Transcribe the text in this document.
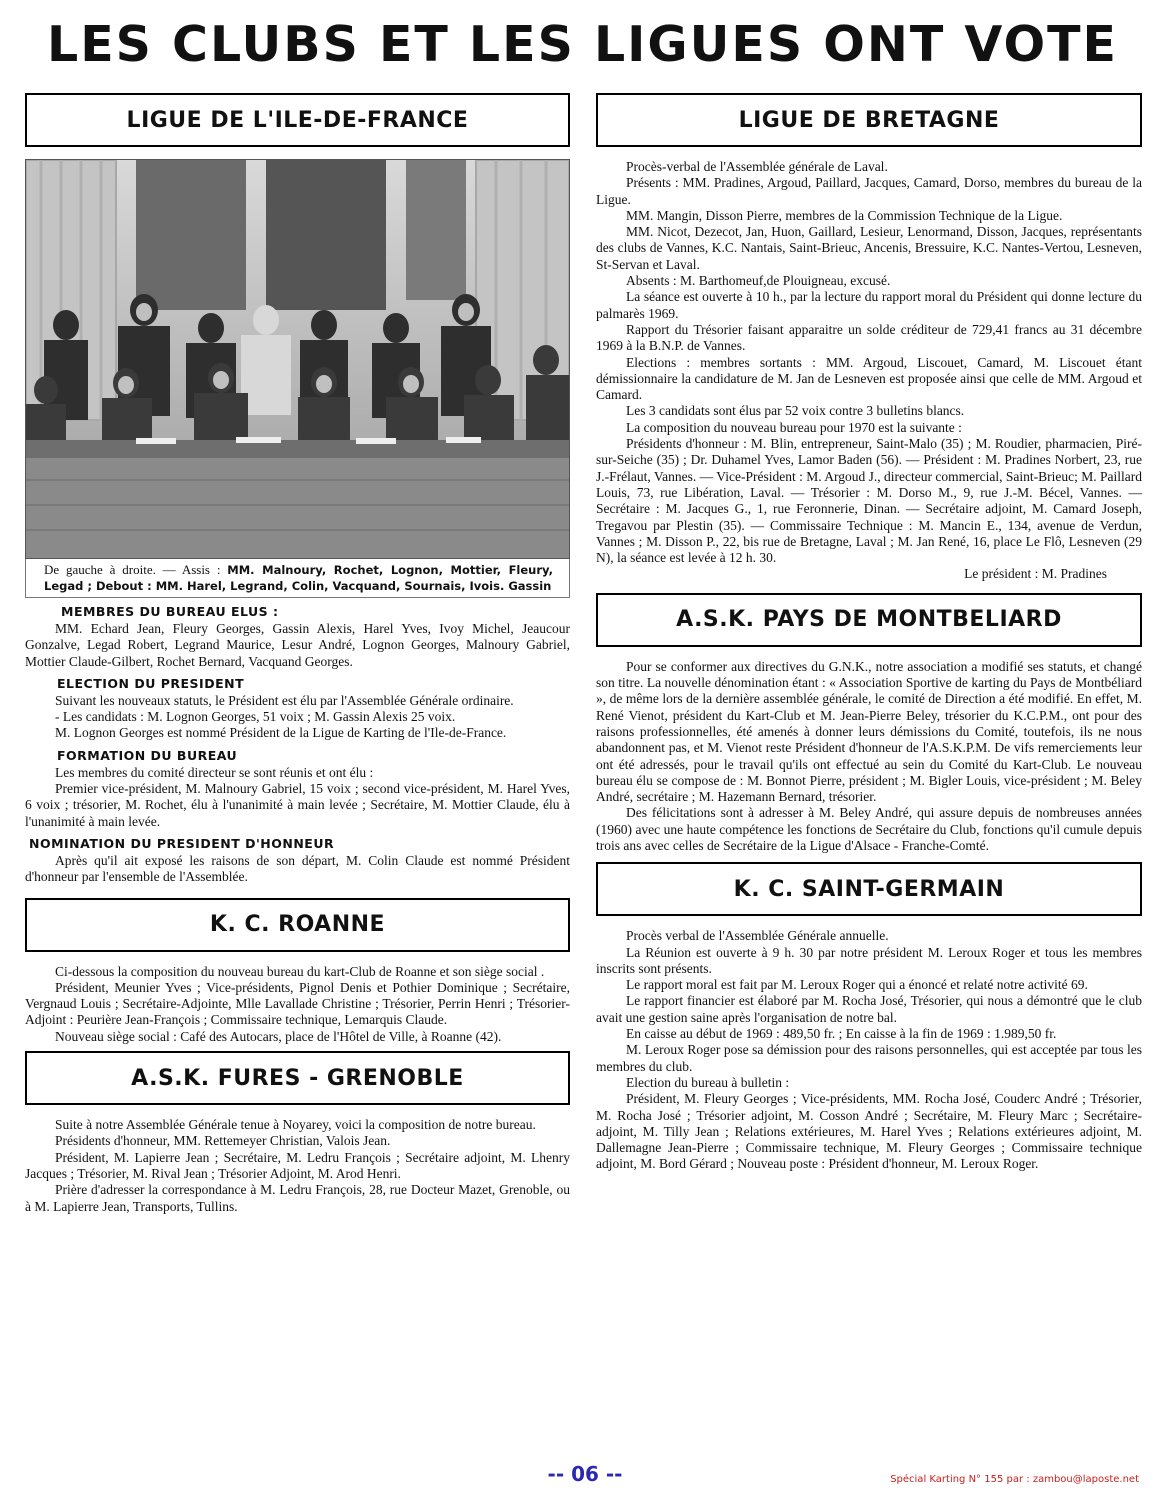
LES CLUBS ET LES LIGUES ONT VOTE
LIGUE DE L'ILE-DE-FRANCE
De gauche à droite. — Assis : MM. Malnoury, Rochet, Lognon, Mottier, Fleury, Legad ; Debout : MM. Harel, Legrand, Colin, Vacquand, Sournais, Ivois. Gassin
MEMBRES DU BUREAU ELUS :

MM. Echard Jean, Fleury Georges, Gassin Alexis, Harel Yves, Ivoy Michel, Jeaucour Gonzalve, Legad Robert, Legrand Maurice, Lesur André, Lognon Georges, Malnoury Gabriel, Mottier Claude-Gilbert, Rochet Bernard, Vacquand Georges.

ELECTION DU PRESIDENT

Suivant les nouveaux statuts, le Président est élu par l'Assemblée Générale ordinaire.

- Les candidats : M. Lognon Georges, 51 voix ; M. Gassin Alexis 25 voix.

M. Lognon Georges est nommé Président de la Ligue de Karting de l'Ile-de-France.

FORMATION DU BUREAU

Les membres du comité directeur se sont réunis et ont élu :

Premier vice-président, M. Malnoury Gabriel, 15 voix ; second vice-président, M. Harel Yves, 6 voix ; trésorier, M. Rochet, élu à l'unanimité à main levée ; Secrétaire, M. Mottier Claude, élu à l'unanimité à main levée.

NOMINATION DU PRESIDENT D'HONNEUR

Après qu'il ait exposé les raisons de son départ, M. Colin Claude est nommé Président d'honneur par l'ensemble de l'Assemblée.

K. C. ROANNE

Ci-dessous la composition du nouveau bureau du kart-Club de Roanne et son siège social .

Président, Meunier Yves ; Vice-présidents, Pignol Denis et Pothier Dominique ; Secrétaire, Vergnaud Louis ; Secrétaire-Adjointe, Mlle Lavallade Christine ; Trésorier, Perrin Henri ; Trésorier-Adjoint : Peurière Jean-François ; Commissaire technique, Lemarquis Claude.

Nouveau siège social : Café des Autocars, place de l'Hôtel de Ville, à Roanne (42).

A.S.K. FURES - GRENOBLE

Suite à notre Assemblée Générale tenue à Noyarey, voici la composition de notre bureau.

Présidents d'honneur, MM. Rettemeyer Christian, Valois Jean.

Président, M. Lapierre Jean ; Secrétaire, M. Ledru François ; Secrétaire adjoint, M. Lhenry Jacques ; Trésorier, M. Rival Jean ; Trésorier Adjoint, M. Arod Henri.

Prière d'adresser la correspondance à M. Ledru François, 28, rue Docteur Mazet, Grenoble, ou à M. Lapierre Jean, Transports, Tullins.

LIGUE DE BRETAGNE

Procès-verbal de l'Assemblée générale de Laval.

Présents : MM. Pradines, Argoud, Paillard, Jacques, Camard, Dorso, membres du bureau de la Ligue.

MM. Mangin, Disson Pierre, membres de la Commission Technique de la Ligue.

MM. Nicot, Dezecot, Jan, Huon, Gaillard, Lesieur, Lenormand, Disson, Jacques, représentants des clubs de Vannes, K.C. Nantais, Saint-Brieuc, Ancenis, Bressuire, K.C. Nantes-Vertou, Lesneven, St-Servan et Laval.

Absents : M. Barthomeuf,de Plouigneau, excusé.

La séance est ouverte à 10 h., par la lecture du rapport moral du Président qui donne lecture du palmarès 1969.

Rapport du Trésorier faisant apparaitre un solde créditeur de 729,41 francs au 31 décembre 1969 à la B.N.P. de Vannes.

Elections : membres sortants : MM. Argoud, Liscouet, Camard, M. Liscouet étant démissionnaire la candidature de M. Jan de Lesneven est proposée ainsi que celle de MM. Argoud et Camard.

Les 3 candidats sont élus par 52 voix contre 3 bulletins blancs.

La composition du nouveau bureau pour 1970 est la suivante :

Présidents d'honneur : M. Blin, entrepreneur, Saint-Malo (35) ; M. Roudier, pharmacien, Piré-sur-Seiche (35) ; Dr. Duhamel Yves, Lamor Baden (56). — Président : M. Pradines Norbert, 23, rue J.-Frélaut, Vannes. — Vice-Président : M. Argoud J., directeur commercial, Saint-Brieuc; M. Paillard Louis, 73, rue Libération, Laval. — Trésorier : M. Dorso M., 9, rue J.-M. Bécel, Vannes. — Secrétaire : M. Jacques G., 1, rue Feronnerie, Dinan. — Secrétaire adjoint, M. Camard Joseph, Tregavou par Plestin (35). — Commissaire Technique : M. Mancin E., 134, avenue de Verdun, Vannes ; M. Disson P., 22, bis rue de Bretagne, Laval ; M. Jan René, 16, place Le Flô, Lesneven (29 N), la séance est levée à 12 h. 30.

Le président : M. Pradines

A.S.K. PAYS DE MONTBELIARD

Pour se conformer aux directives du G.N.K., notre association a modifié ses statuts, et changé son titre. La nouvelle dénomination étant : « Association Sportive de karting du Pays de Montbéliard », de même lors de la dernière assemblée générale, le comité de Direction a été modifié. En effet, M. René Vienot, président du Kart-Club et M. Jean-Pierre Beley, trésorier du K.C.P.M., ont pour des raisons professionnelles, été amenés à donner leurs démissions du Comité, toutefois, ils ne nous abandonnent pas, et M. Vienot reste Président d'honneur de l'A.S.K.P.M. De vifs remerciements leur ont été adressés, pour le travail qu'ils ont effectué au sein du Comité du Kart-Club. Le nouveau bureau élu se compose de : M. Bonnot Pierre, président ; M. Bigler Louis, vice-président ; M. Beley André, secrétaire ; M. Hazemann Bernard, trésorier.

Des félicitations sont à adresser à M. Beley André, qui assure depuis de nombreuses années (1960) avec une haute compétence les fonctions de Secrétaire du Club, fonctions qu'il cumule depuis trois ans avec celles de Secrétaire de la Ligue d'Alsace - Franche-Comté.

K. C. SAINT-GERMAIN

Procès verbal de l'Assemblée Générale annuelle.

La Réunion est ouverte à 9 h. 30 par notre président M. Leroux Roger et tous les membres inscrits sont présents.

Le rapport moral est fait par M. Leroux Roger qui a énoncé et relaté notre activité 69.

Le rapport financier est élaboré par M. Rocha José, Trésorier, qui nous a démontré que le club avait une gestion saine après l'organisation de notre bal.

En caisse au début de 1969 : 489,50 fr. ; En caisse à la fin de 1969 : 1.989,50 fr.

M. Leroux Roger pose sa démission pour des raisons personnelles, qui est acceptée par tous les membres du club.

Election du bureau à bulletin :

Président, M. Fleury Georges ; Vice-présidents, MM. Rocha José, Couderc André ; Trésorier, M. Rocha José ; Trésorier adjoint, M. Cosson André ; Secrétaire, M. Fleury Marc ; Secrétaire-adjoint, M. Tilly Jean ; Relations extérieures, M. Harel Yves ; Relations extérieures adjoint, M. Dallemagne Jean-Pierre ; Commissaire technique, M. Fleury Georges ; Commissaire technique adjoint, M. Bord Gérard ; Nouveau poste : Président d'honneur, M. Leroux Roger.

-- 06 --	Spécial Karting N° 155 par : zambou@laposte.net
